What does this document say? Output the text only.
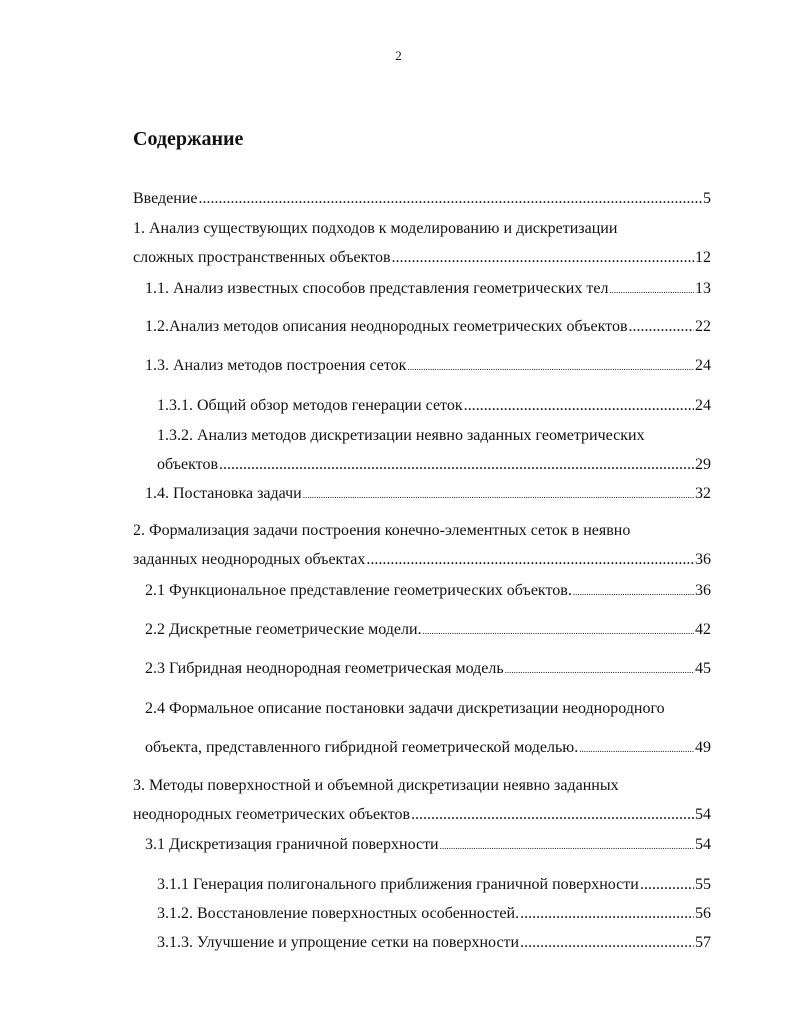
2
Содержание
Введение .....	5
1. Анализ существующих подходов к моделированию и дискретизации
сложных пространственных объектов .....	12
1.1. Анализ известных способов представления геометрических тел .....	13
1.2.Анализ методов описания неоднородных геометрических объектов .....	22
1.3. Анализ методов построения сеток .....	24
1.3.1. Общий обзор методов генерации сеток .....	24
1.3.2. Анализ методов дискретизации неявно заданных геометрических
объектов .....	29
1.4. Постановка задачи .....	32
2. Формализация задачи построения конечно-элементных сеток в неявно
заданных неоднородных объектах .....	36
2.1 Функциональное представление геометрических объектов. .....	36
2.2 Дискретные геометрические модели. .....	42
2.3 Гибридная неоднородная геометрическая модель .....	45
2.4 Формальное описание постановки задачи дискретизации неоднородного
объекта, представленного гибридной геометрической моделью. .....	49
3. Методы поверхностной и объемной дискретизации неявно заданных
неоднородных геометрических объектов .....	54
3.1 Дискретизация граничной поверхности .....	54
3.1.1 Генерация полигонального приближения граничной поверхности .....	55
3.1.2. Восстановление поверхностных особенностей. .....	56
3.1.3. Улучшение и упрощение сетки на поверхности .....	57
